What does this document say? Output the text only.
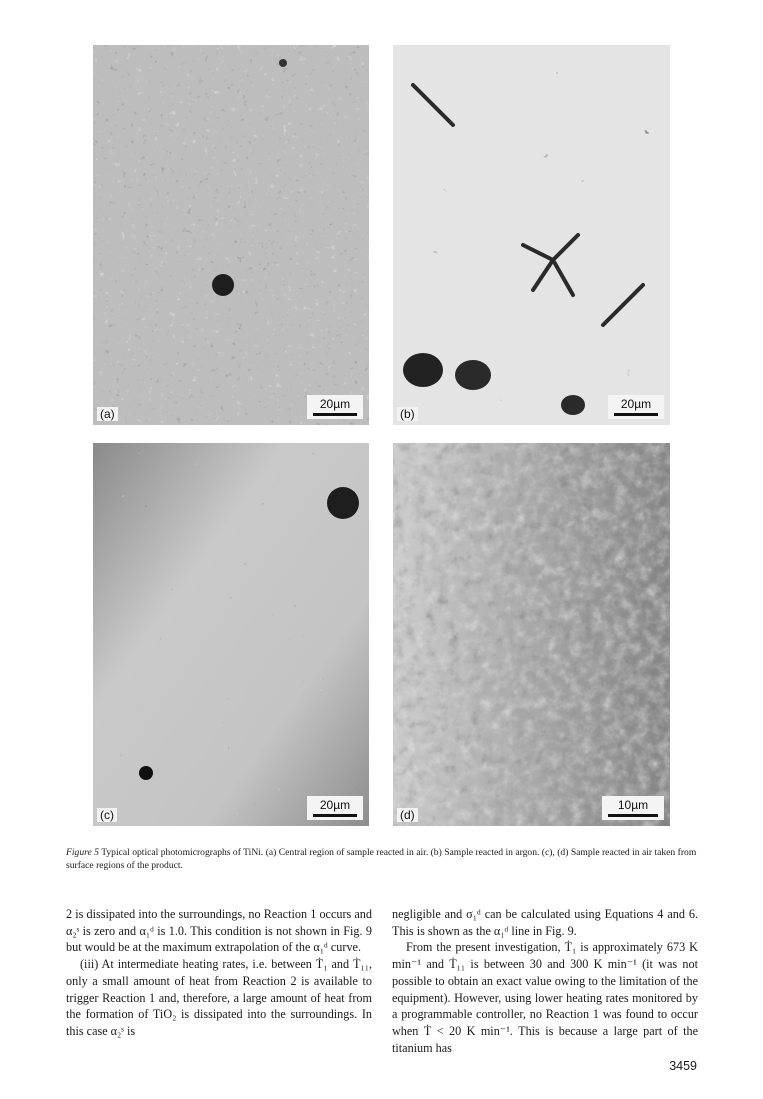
(a)
20µm
(b)
20µm
(c)
20µm
(d)
10µm
Figure 5 Typical optical photomicrographs of TiNi. (a) Central region of sample reacted in air. (b) Sample reacted in argon. (c), (d) Sample reacted in air taken from surface regions of the product.

2 is dissipated into the surroundings, no Reaction 1 occurs and α₂ˢ is zero and α₁ᵈ is 1.0. This condition is not shown in Fig. 9 but would be at the maximum extrapolation of the α₁ᵈ curve.

(iii) At intermediate heating rates, i.e. between Ṫ₁ and Ṫ₁₁, only a small amount of heat from Reaction 2 is available to trigger Reaction 1 and, therefore, a large amount of heat from the formation of TiO₂ is dissipated into the surroundings. In this case α₂ˢ is

negligible and σ₁ᵈ can be calculated using Equations 4 and 6. This is shown as the α₁ᵈ line in Fig. 9.

From the present investigation, Ṫ₁ is approximately 673 K min⁻¹ and Ṫ₁₁ is between 30 and 300 K min⁻¹ (it was not possible to obtain an exact value owing to the limitation of the equipment). However, using lower heating rates monitored by a programmable controller, no Reaction 1 was found to occur when Ṫ < 20 K min⁻¹. This is because a large part of the titanium has

3459
